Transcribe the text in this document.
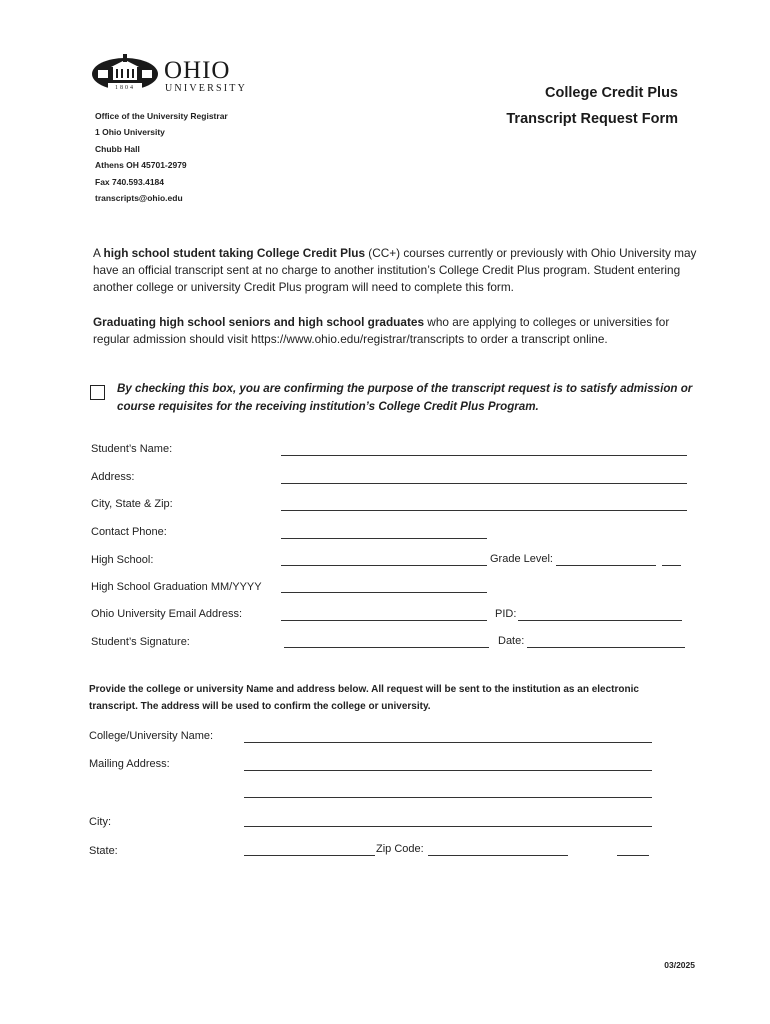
1804
OHIO
UNIVERSITY	College Credit Plus
Transcript Request Form
Office of the University Registrar
1 Ohio University
Chubb Hall
Athens OH 45701-2979
Fax 740.593.4184
transcripts@ohio.edu
A high school student taking College Credit Plus (CC+) courses currently or previously with Ohio University may have an official transcript sent at no charge to another institution’s College Credit Plus program. Student entering another college or university Credit Plus program will need to complete this form.
Graduating high school seniors and high school graduates who are applying to colleges or universities for regular admission should visit https://www.ohio.edu/registrar/transcripts to order a transcript online.
By checking this box, you are confirming the purpose of the transcript request is to satisfy admission or course requisites for the receiving institution’s College Credit Plus Program.
Student’s Name:
Address:
City, State & Zip:
Contact Phone:
High School:	Grade Level:
High School Graduation MM/YYYY
Ohio University Email Address:	PID:
Student’s Signature:	Date:
Provide the college or university Name and address below. All request will be sent to the institution as an electronic transcript. The address will be used to confirm the college or university.
College/University Name:
Mailing Address:
City:
State:	Zip Code:
03/2025
